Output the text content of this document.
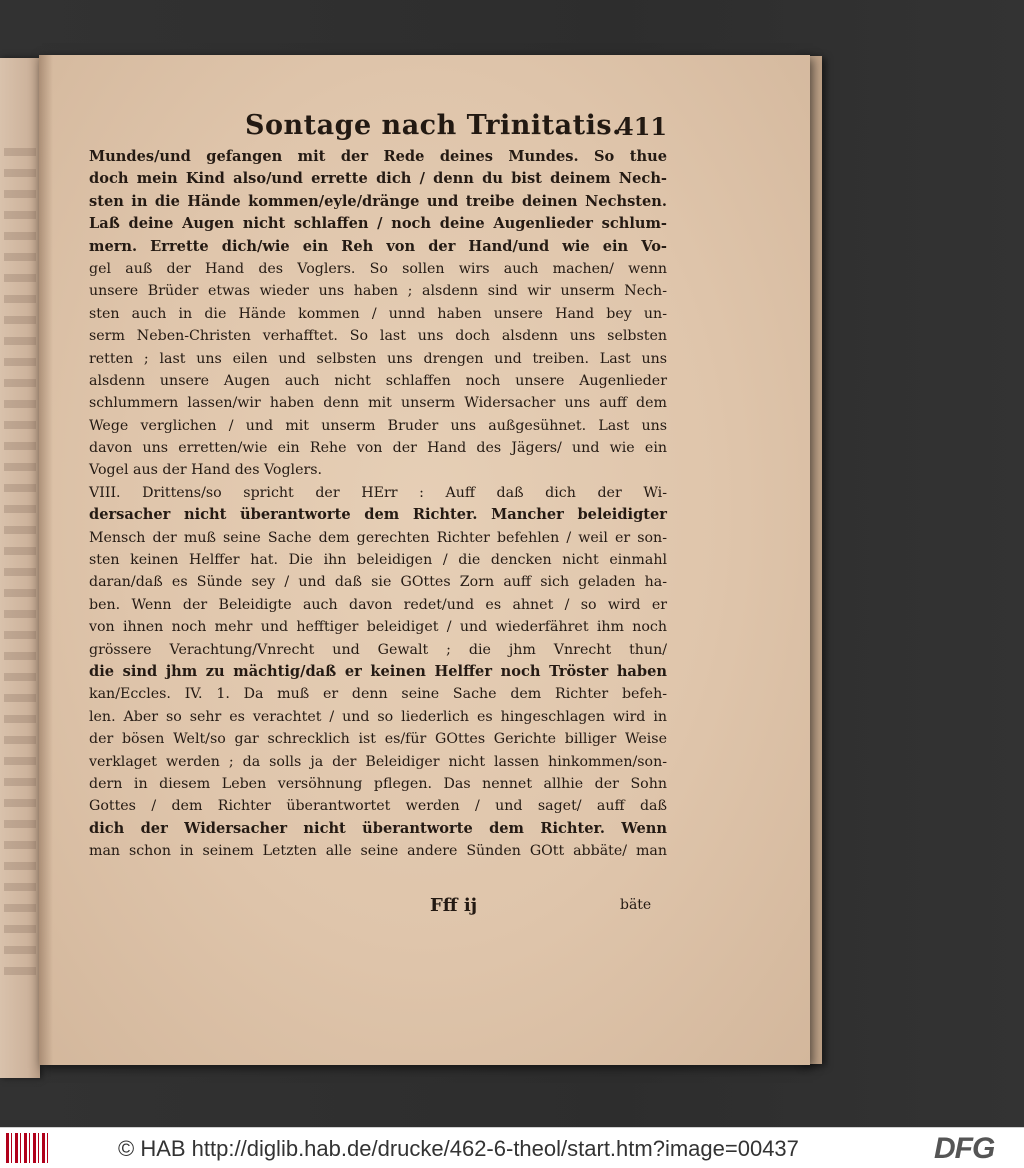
Sontage nach Trinitatis.
411
Mundes/und gefangen mit der Rede deines Mundes. So thue
doch mein Kind also/und errette dich / denn du bist deinem Nech-
sten in die Hände kommen/eyle/dränge und treibe deinen Nechsten.
Laß deine Augen nicht schlaffen / noch deine Augenlieder schlum-
mern. Errette dich/wie ein Reh von der Hand/und wie ein Vo-
gel auß der Hand des Voglers. So sollen wirs auch machen/ wenn
unsere Brüder etwas wieder uns haben ; alsdenn sind wir unserm Nech-
sten auch in die Hände kommen / unnd haben unsere Hand bey un-
serm Neben-Christen verhafftet. So last uns doch alsdenn uns selbsten
retten ; last uns eilen und selbsten uns drengen und treiben. Last uns
alsdenn unsere Augen auch nicht schlaffen noch unsere Augenlieder
schlummern lassen/wir haben denn mit unserm Widersacher uns auff dem
Wege verglichen / und mit unserm Bruder uns außgesühnet. Last uns
davon uns erretten/wie ein Rehe von der Hand des Jägers/ und wie ein
Vogel aus der Hand des Voglers.
VIII. Drittens/so spricht der HErr : Auff daß dich der Wi-
dersacher nicht überantworte dem Richter. Mancher beleidigter
Mensch der muß seine Sache dem gerechten Richter befehlen / weil er son-
sten keinen Helffer hat. Die ihn beleidigen / die dencken nicht einmahl
daran/daß es Sünde sey / und daß sie GOttes Zorn auff sich geladen ha-
ben. Wenn der Beleidigte auch davon redet/und es ahnet / so wird er
von ihnen noch mehr und hefftiger beleidiget / und wiederfähret ihm noch
grössere Verachtung/Vnrecht und Gewalt ; die jhm Vnrecht thun/
die sind jhm zu mächtig/daß er keinen Helffer noch Tröster haben
kan/Eccles. IV. 1. Da muß er denn seine Sache dem Richter befeh-
len. Aber so sehr es verachtet / und so liederlich es hingeschlagen wird in
der bösen Welt/so gar schrecklich ist es/für GOttes Gerichte billiger Weise
verklaget werden ; da solls ja der Beleidiger nicht lassen hinkommen/son-
dern in diesem Leben versöhnung pflegen. Das nennet allhie der Sohn
Gottes / dem Richter überantwortet werden / und saget/ auff daß
dich der Widersacher nicht überantworte dem Richter. Wenn
man schon in seinem Letzten alle seine andere Sünden GOtt abbäte/ man
Fff ij	bäte
© HAB http://diglib.hab.de/drucke/462-6-theol/start.htm?image=00437	DFG
